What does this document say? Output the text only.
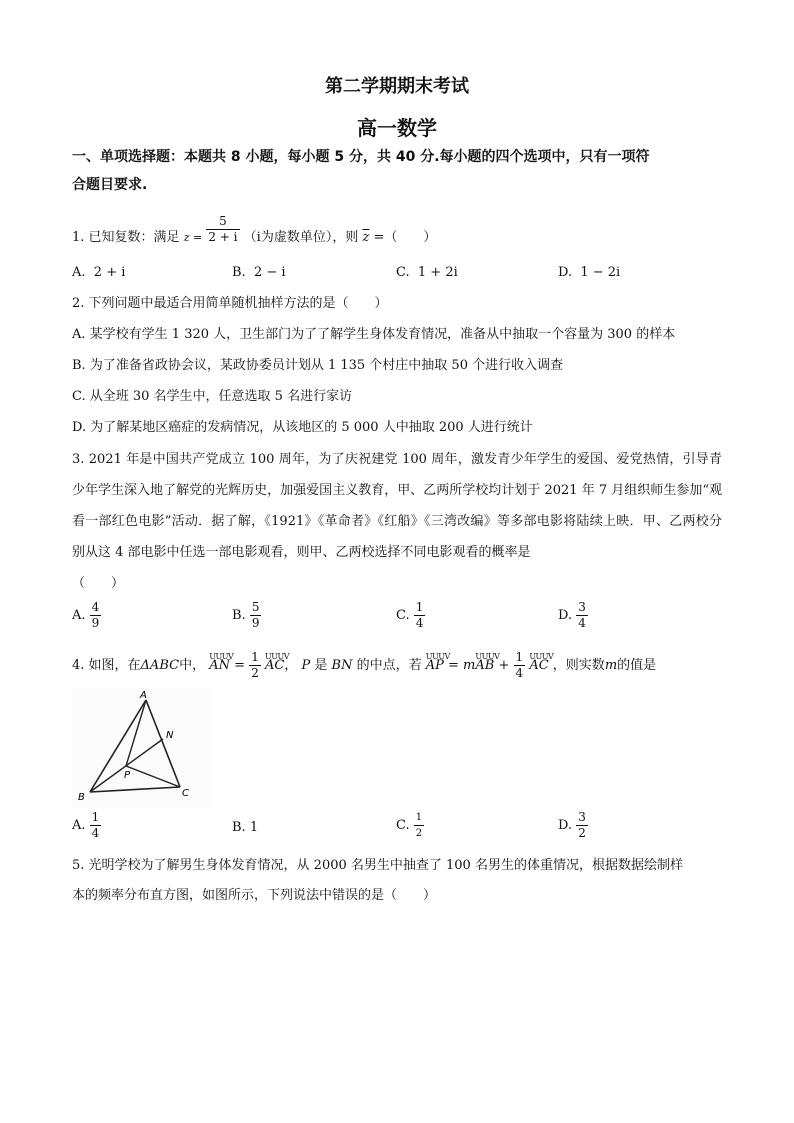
第二学期期末考试
高一数学
一、单项选择题：本题共 8 小题，每小题 5 分，共 40 分.每小题的四个选项中，只有一项符
合题目要求.
1. 已知复数：满足 $z = \frac{5}{2 + i} (i$为虚数单位），则 $\overline{z}$ =（　　）
A. 2 + i	B. 2 − i	C. 1 + 2i	D. 1 − 2i
2. 下列问题中最适合用简单随机抽样方法的是（　　）
A. 某学校有学生 1 320 人，卫生部门为了了解学生身体发育情况，准备从中抽取一个容量为 300 的样本
B. 为了准备省政协会议，某政协委员计划从 1 135 个村庄中抽取 50 个进行收入调查
C. 从全班 30 名学生中，任意选取 5 名进行家访
D. 为了解某地区癌症的发病情况，从该地区的 5 000 人中抽取 200 人进行统计
3. 2021 年是中国共产党成立 100 周年，为了庆祝建党 100 周年，激发青少年学生的爱国、爱党热情，引导青少年学生深入地了解党的光辉历史，加强爱国主义教育，甲、乙两所学校均计划于 2021 年 7 月组织师生参加“观看一部红色电影”活动．据了解，《1921》《革命者》《红船》《三湾改编》等多部电影将陆续上映．甲、乙两校分别从这 4 部电影中任选一部电影观看，则甲、乙两校选择不同电影观看的概率是
（　　）
A. $\frac{4}{9}$	B. $\frac{5}{9}$	C. $\frac{1}{4}$	D. $\frac{3}{4}$
4. 如图，在ΔABC中，
UUUV
AN = $\frac{1}{2}$
UUUV
AC， P 是 BN 的中点，若
UUUV
AP = m
UUUV
AB + $\frac{1}{4}$
UUUV
AC ，则实数m的值是
A
B	C
N
P
A. $\frac{1}{4}$	B. 1	C. $\frac{1}{2}$	D. $\frac{3}{2}$
5. 光明学校为了解男生身体发育情况，从 2000 名男生中抽查了 100 名男生的体重情况，根据数据绘制样
本的频率分布直方图，如图所示，下列说法中错误的是（　　）
